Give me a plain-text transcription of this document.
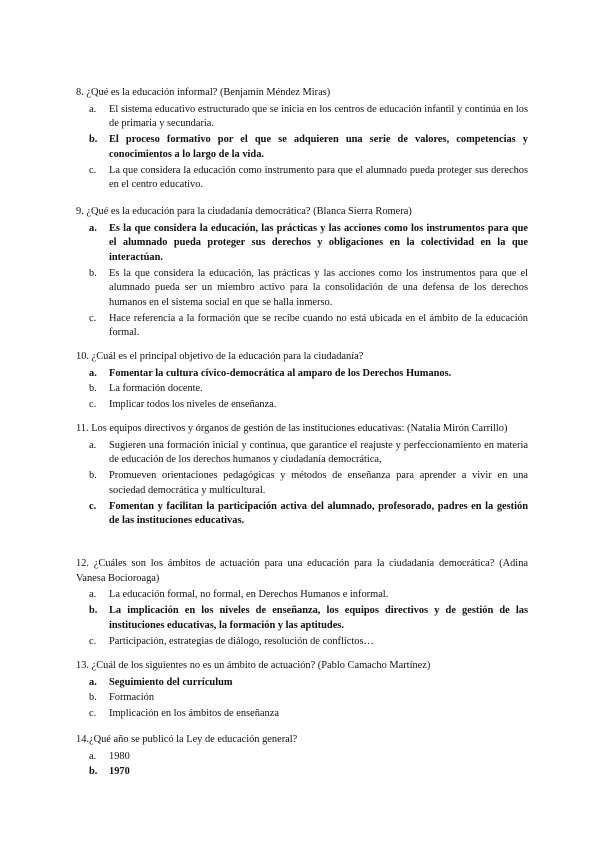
8. ¿Qué es la educación informal? (Benjamín Méndez Miras)

a.	El sistema educativo estructurado que se inicia en los centros de educación infantil y continúa en los de primaria y secundaria.
b.	El proceso formativo por el que se adquieren una serie de valores, competencias y conocimientos a lo largo de la vida.
c.	La que considera la educación como instrumento para que el alumnado pueda proteger sus derechos en el centro educativo.

9. ¿Qué es la educación para la ciudadanía democrática? (Blanca Sierra Romera)

a.	Es la que considera la educación, las prácticas y las acciones como los instrumentos para que el alumnado pueda proteger sus derechos y obligaciones en la colectividad en la que interactúan.
b.	Es la que considera la educación, las prácticas y las acciones como los instrumentos para que el alumnado pueda ser un miembro activo para la consolidación de una defensa de los derechos humanos en el sistema social en que se halla inmerso.
c.	Hace referencia a la formación que se recibe cuando no está ubicada en el ámbito de la educación formal.

10. ¿Cuál es el principal objetivo de la educación para la ciudadanía?

a.	Fomentar la cultura cívico-democrática al amparo de los Derechos Humanos.
b.	La formación docente.
c.	Implicar todos los niveles de enseñanza.

11. Los equipos directivos y órganos de gestión de las instituciones educativas: (Natalia Mirón Carrillo)

a.	Sugieren una formación inicial y continua, que garantice el reajuste y perfeccionamiento en materia de educación de los derechos humanos y ciudadanía democrática,
b.	Promueven orientaciones pedagógicas y métodos de enseñanza para aprender a vivir en una sociedad democrática y multicultural.
c.	Fomentan y facilitan la participación activa del alumnado, profesorado, padres en la gestión de las instituciones educativas.

12. ¿Cuáles son los ámbitos de actuación para una educación para la ciudadanía democrática? (Adina Vanesa Bocioroaga)

a.	La educación formal, no formal, en Derechos Humanos e informal.
b.	La implicación en los niveles de enseñanza, los equipos directivos y de gestión de las instituciones educativas, la formación y las aptitudes.
c.	Participación, estrategias de diálogo, resolución de conflictos…

13. ¿Cuál de los siguientes no es un ámbito de actuación? (Pablo Camacho Martínez)

a.	Seguimiento del currículum
b.	Formación
c.	Implicación en los ámbitos de enseñanza

14.¿Qué año se publicó la Ley de educación general?

a.	1980
b.	1970
